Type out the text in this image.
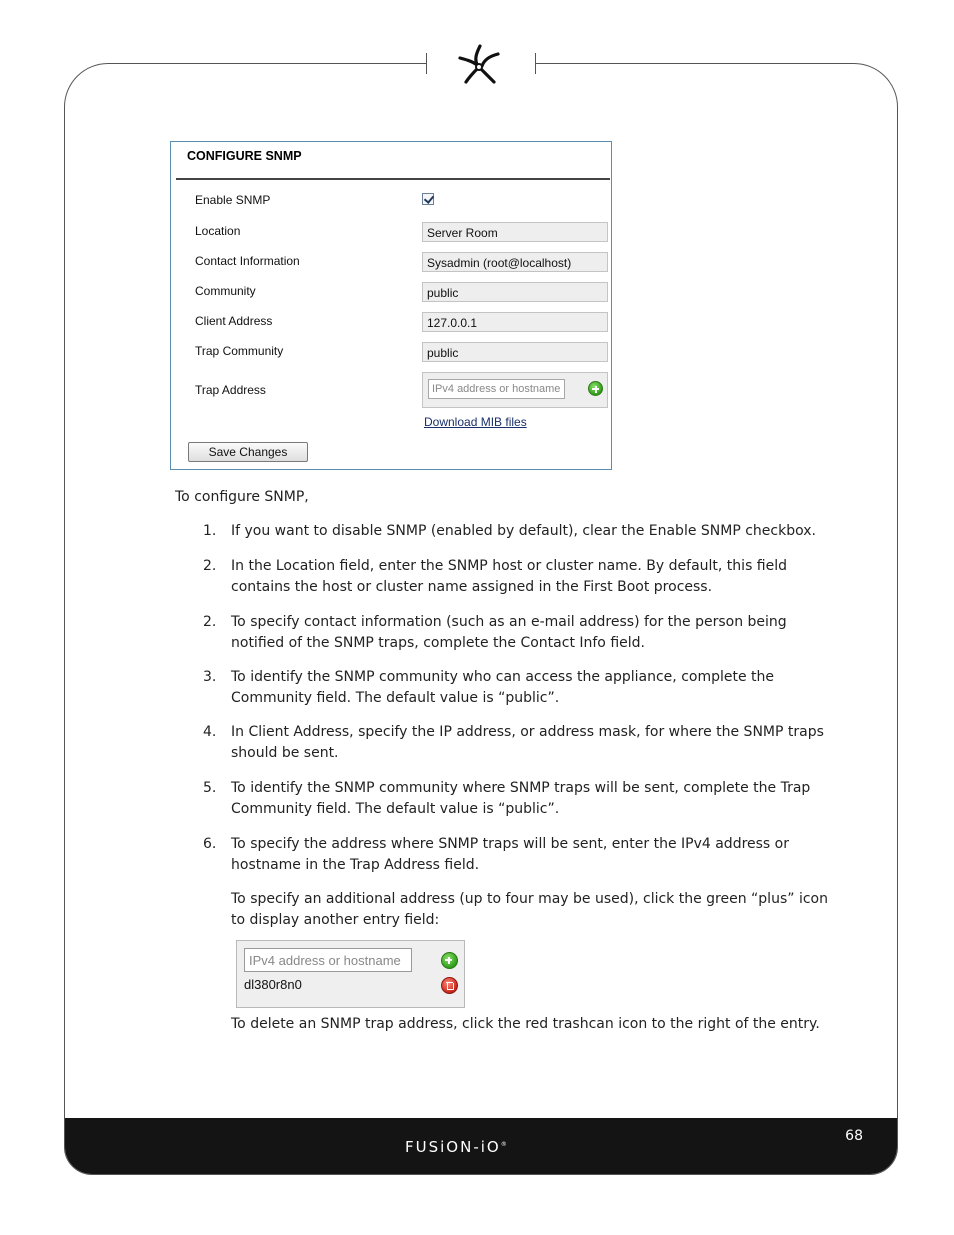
FUSiON-iO®
68
CONFIGURE SNMP
Enable SNMP
Location	Server Room
Contact Information	Sysadmin (root@localhost)
Community	public
Client Address	127.0.0.1
Trap Community	public
Trap Address	IPv4 address or hostname
Download MIB files
Save Changes
To configure SNMP,
1. If you want to disable SNMP (enabled by default), clear the Enable SNMP checkbox.
2. In the Location field, enter the SNMP host or cluster name. By default, this field contains the host or cluster name assigned in the First Boot process.
2. To specify contact information (such as an e-mail address) for the person being notified of the SNMP traps, complete the Contact Info field.
3. To identify the SNMP community who can access the appliance, complete the Community field. The default value is “public”.
4. In Client Address, specify the IP address, or address mask, for where the SNMP traps should be sent.
5. To identify the SNMP community where SNMP traps will be sent, complete the Trap Community field. The default value is “public”.
6. To specify the address where SNMP traps will be sent, enter the IPv4 address or hostname in the Trap Address field.
To specify an additional address (up to four may be used), click the green “plus” icon to display another entry field:
IPv4 address or hostname
dl380r8n0
To delete an SNMP trap address, click the red trashcan icon to the right of the entry.
